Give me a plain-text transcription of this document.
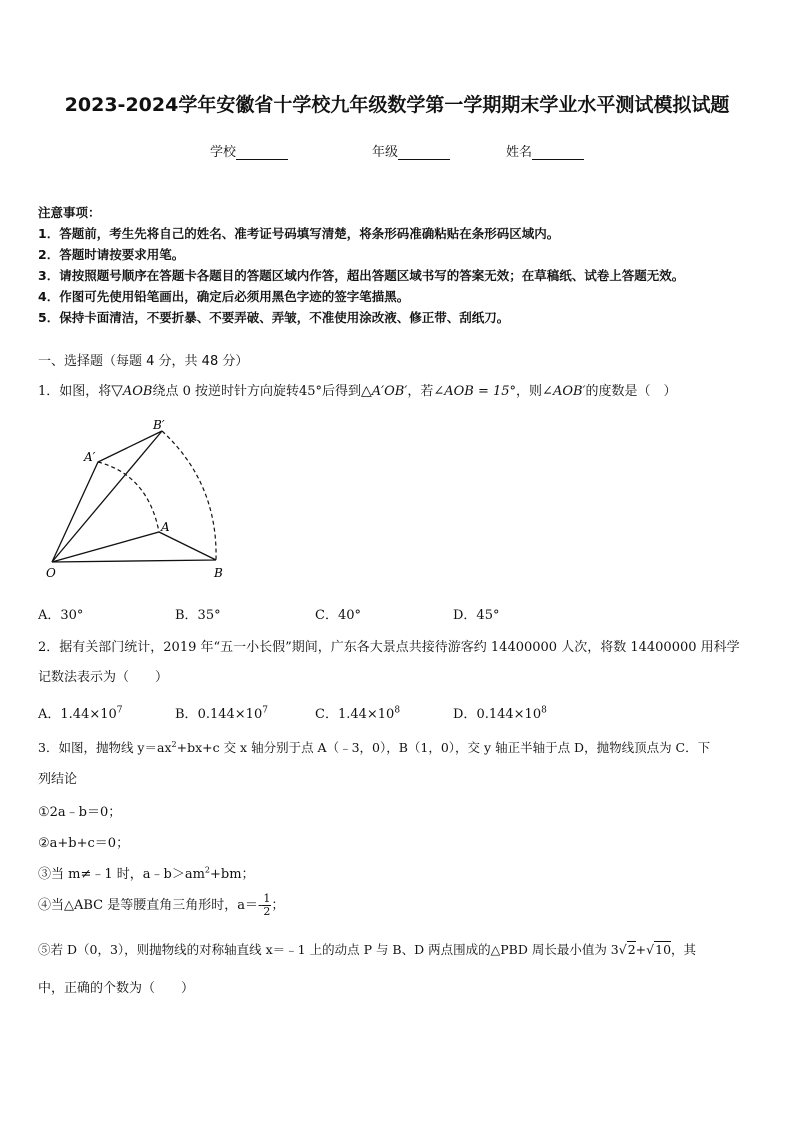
2023-2024学年安徽省十学校九年级数学第一学期期末学业水平测试模拟试题
学校	年级	姓名
注意事项：
1．答题前，考生先将自己的姓名、准考证号码填写清楚，将条形码准确粘贴在条形码区域内。
2．答题时请按要求用笔。
3．请按照题号顺序在答题卡各题目的答题区域内作答，超出答题区域书写的答案无效；在草稿纸、试卷上答题无效。
4．作图可先使用铅笔画出，确定后必须用黑色字迹的签字笔描黑。
5．保持卡面清洁，不要折暴、不要弄破、弄皱，不准使用涂改液、修正带、刮纸刀。
一、选择题（每题 4 分，共 48 分）
1．如图，将▽AOB绕点 0 按逆时针方向旋转45°后得到△A′OB′，若∠AOB = 15°，则∠AOB′的度数是（　）
O
A
B
A′
B′
A．30°	B．35°	C．40°	D．45°
2．据有关部门统计，2019 年“五一小长假”期间，广东各大景点共接待游客约 14400000 人次，将数 14400000 用科学
记数法表示为（　　）
A．$1.44\times 10^7$	B．$0.144\times 10^7$	C．$1.44\times 10^8$	D．$0.144\times 10^8$
3．如图，抛物线 $y=ax^2+bx+c$ 交 x 轴分别于点 A（﹣3，0），B（1，0），交 y 轴正半轴于点 D，抛物线顶点为 C．下
列结论
①2a﹣b＝0；
②a+b+c＝0；
③当 m≠﹣1 时，$a﹣b>am^2+bm$；
④当△ABC 是等腰直角三角形时，$a=- \frac{1}{2}$ ；
⑤若 D（0，3），则抛物线的对称轴直线 x＝﹣1 上的动点 P 与 B、D 两点围成的△PBD 周长最小值为 3√2+√10，其
中，正确的个数为（　　）
